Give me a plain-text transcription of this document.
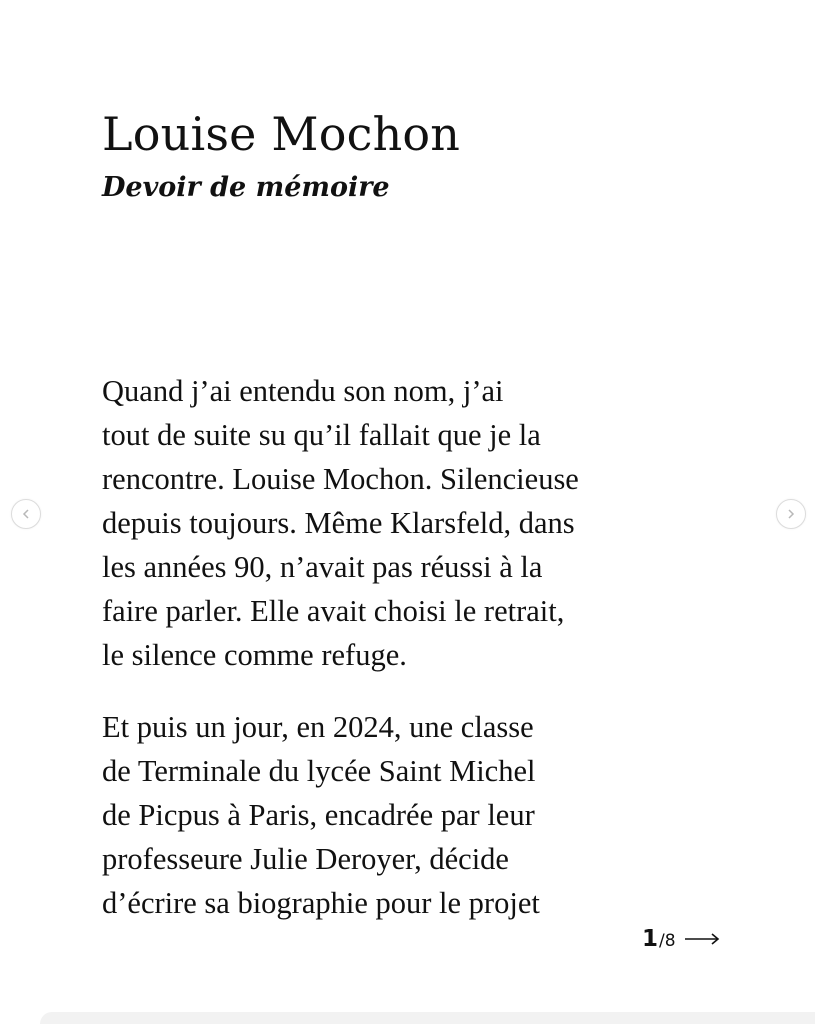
Louise Mochon
Devoir de mémoire

Quand j’ai entendu son nom, j’ai
tout de suite su qu’il fallait que je la
rencontre. Louise Mochon. Silencieuse
depuis toujours. Même Klarsfeld, dans
les années 90, n’avait pas réussi à la
faire parler. Elle avait choisi le retrait,
le silence comme refuge.

Et puis un jour, en 2024, une classe
de Terminale du lycée Saint Michel
de Picpus à Paris, encadrée par leur
professeure Julie Deroyer, décide
d’écrire sa biographie pour le projet

1 /8
